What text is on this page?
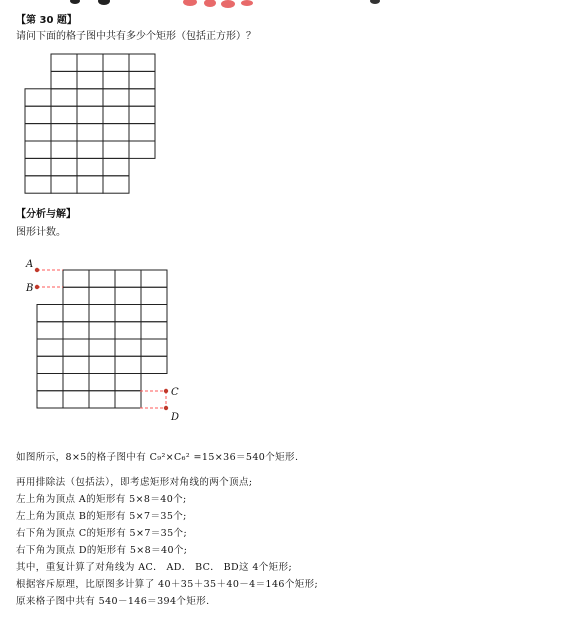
【第 30 题】
请问下面的格子图中共有多少个矩形（包括正方形）？
A
B
C
D
【分析与解】
图形计数。
如图所示，8×5的格子图中有 C₉²×C₆² =15×36＝540个矩形.
再用排除法（包括法），即考虑矩形对角线的两个顶点;
左上角为顶点 A的矩形有 5×8＝40个;
左上角为顶点 B的矩形有 5×7＝35个;
右下角为顶点 C的矩形有 5×7＝35个;
右下角为顶点 D的矩形有 5×8＝40个;
其中，重复计算了对角线为 AC． AD． BC． BD这 4个矩形;
根据容斥原理，比原图多计算了 40＋35＋35＋40－4＝146个矩形;
原来格子图中共有 540－146＝394个矩形.
